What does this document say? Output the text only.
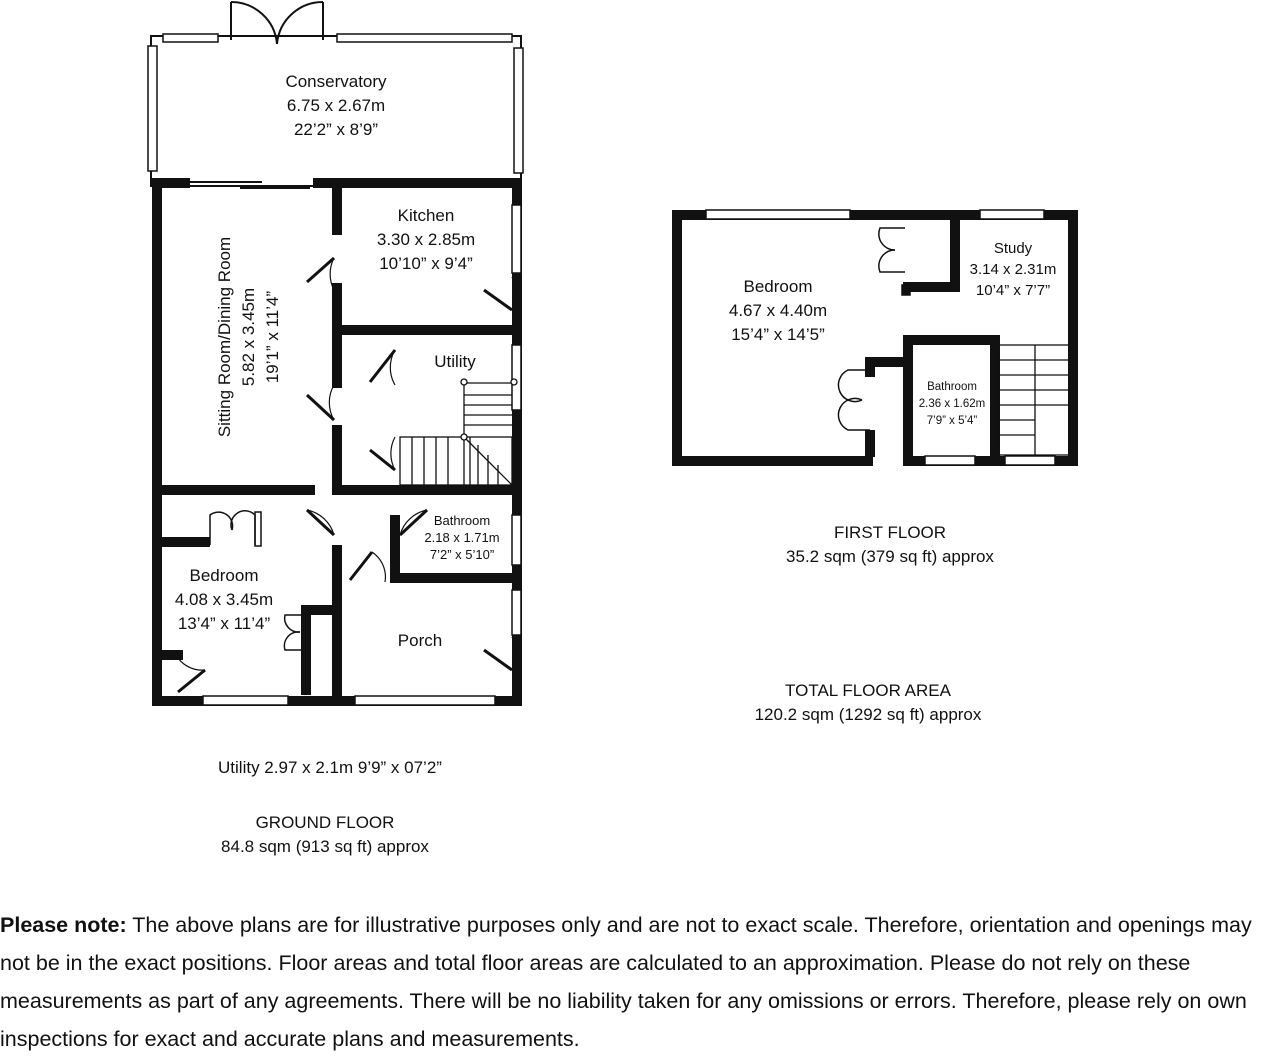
Conservatory
6.75 x 2.67m
22’2” x 8’9”
Sitting Room/Dining Room 5.82 x 3.45m 19’1” x 11’4”
Kitchen
3.30 x 2.85m
10’10” x 9’4”
Utility
Bathroom
2.18 x 1.71m
7’2” x 5’10”
Bedroom
4.08 x 3.45m
13’4” x 11’4”
Porch
Utility 2.97 x 2.1m 9’9” x 07’2”
GROUND FLOOR
84.8 sqm (913 sq ft) approx
Bedroom
4.67 x 4.40m
15’4” x 14’5”
Study
3.14 x 2.31m
10’4” x 7’7”
Bathroom
2.36 x 1.62m
7’9” x 5’4”
FIRST FLOOR
35.2 sqm (379 sq ft) approx
TOTAL FLOOR AREA
120.2 sqm (1292 sq ft) approx
Please note: The above plans are for illustrative purposes only and are not to exact scale. Therefore, orientation and openings may not be in the exact positions. Floor areas and total floor areas are calculated to an approximation. Please do not rely on these measurements as part of any agreements. There will be no liability taken for any omissions or errors. Therefore, please rely on own inspections for exact and accurate plans and measurements.
